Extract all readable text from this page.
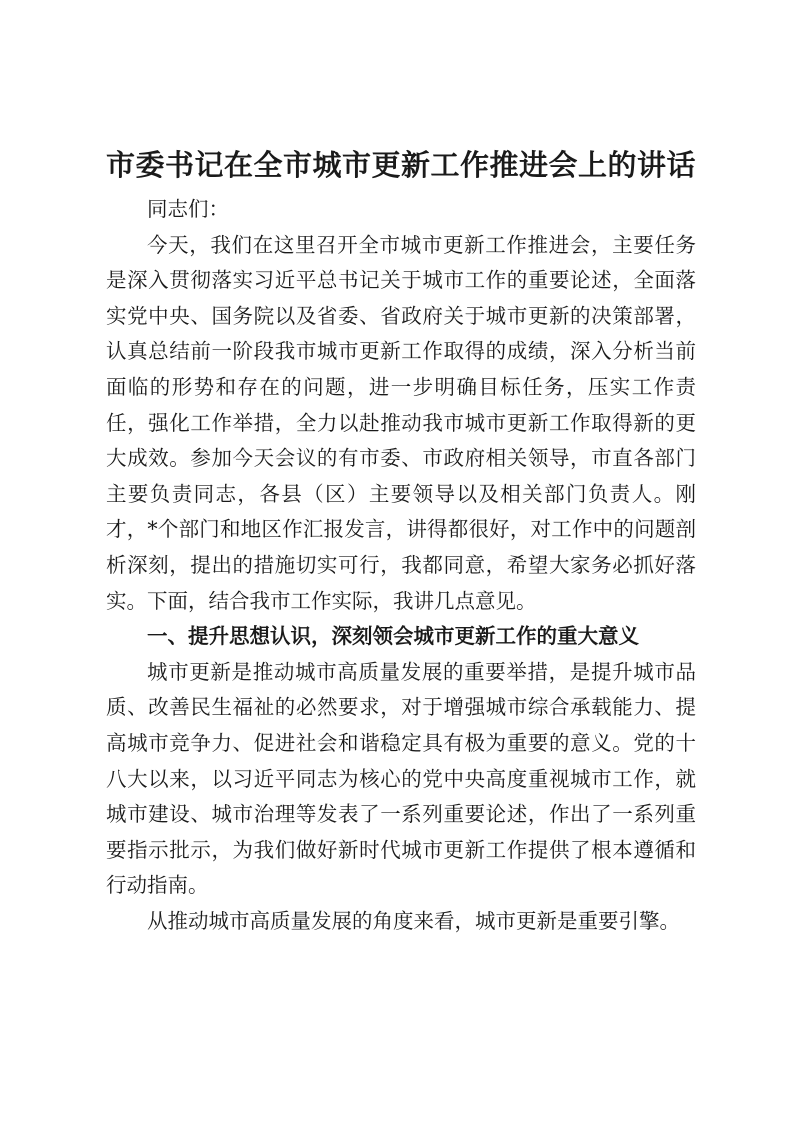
市委书记在全市城市更新工作推进会上的讲话

同志们：

今天，我们在这里召开全市城市更新工作推进会，主要任务是深入贯彻落实习近平总书记关于城市工作的重要论述，全面落实党中央、国务院以及省委、省政府关于城市更新的决策部署，认真总结前一阶段我市城市更新工作取得的成绩，深入分析当前面临的形势和存在的问题，进一步明确目标任务，压实工作责任，强化工作举措，全力以赴推动我市城市更新工作取得新的更大成效。参加今天会议的有市委、市政府相关领导，市直各部门主要负责同志，各县（区）主要领导以及相关部门负责人。刚才，*个部门和地区作汇报发言，讲得都很好，对工作中的问题剖析深刻，提出的措施切实可行，我都同意，希望大家务必抓好落实。下面，结合我市工作实际，我讲几点意见。

一、提升思想认识，深刻领会城市更新工作的重大意义

城市更新是推动城市高质量发展的重要举措，是提升城市品质、改善民生福祉的必然要求，对于增强城市综合承载能力、提高城市竞争力、促进社会和谐稳定具有极为重要的意义。党的十八大以来，以习近平同志为核心的党中央高度重视城市工作，就城市建设、城市治理等发表了一系列重要论述，作出了一系列重要指示批示，为我们做好新时代城市更新工作提供了根本遵循和行动指南。

从推动城市高质量发展的角度来看，城市更新是重要引擎。
